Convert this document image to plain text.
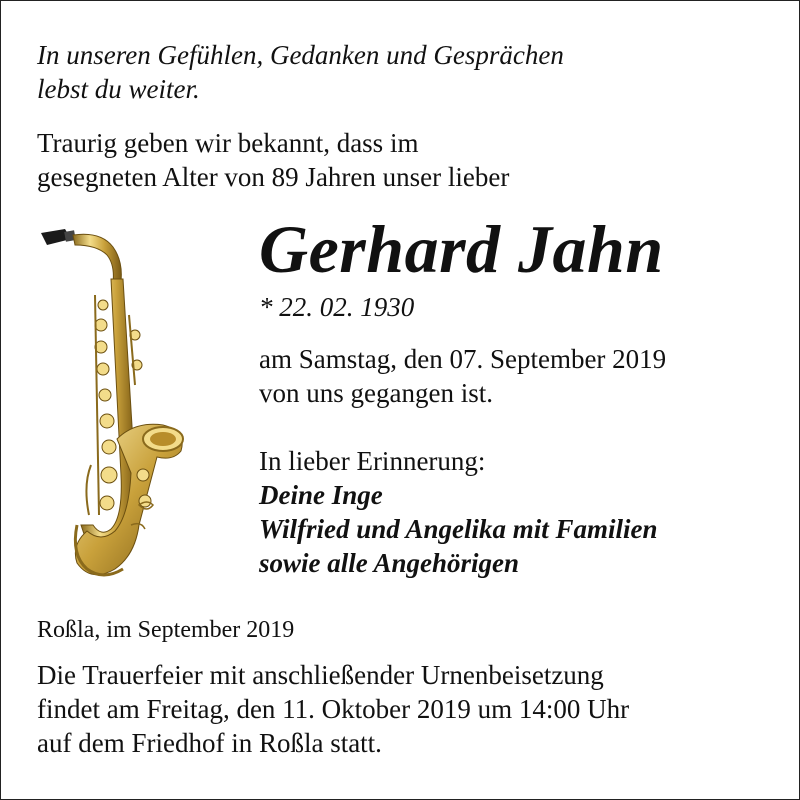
In unseren Gefühlen, Gedanken und Gesprächen

lebst du weiter.

Traurig geben wir bekannt, dass im

gesegneten Alter von 89 Jahren unser lieber

Gerhard Jahn

* 22. 02. 1930

am Samstag, den 07. September 2019

von uns gegangen ist.

In lieber Erinnerung:

Deine Inge

Wilfried und Angelika mit Familien

sowie alle Angehörigen

Roßla, im September 2019

Die Trauerfeier mit anschließender Urnenbeisetzung

findet am Freitag, den 11. Oktober 2019 um 14:00 Uhr

auf dem Friedhof in Roßla statt.
